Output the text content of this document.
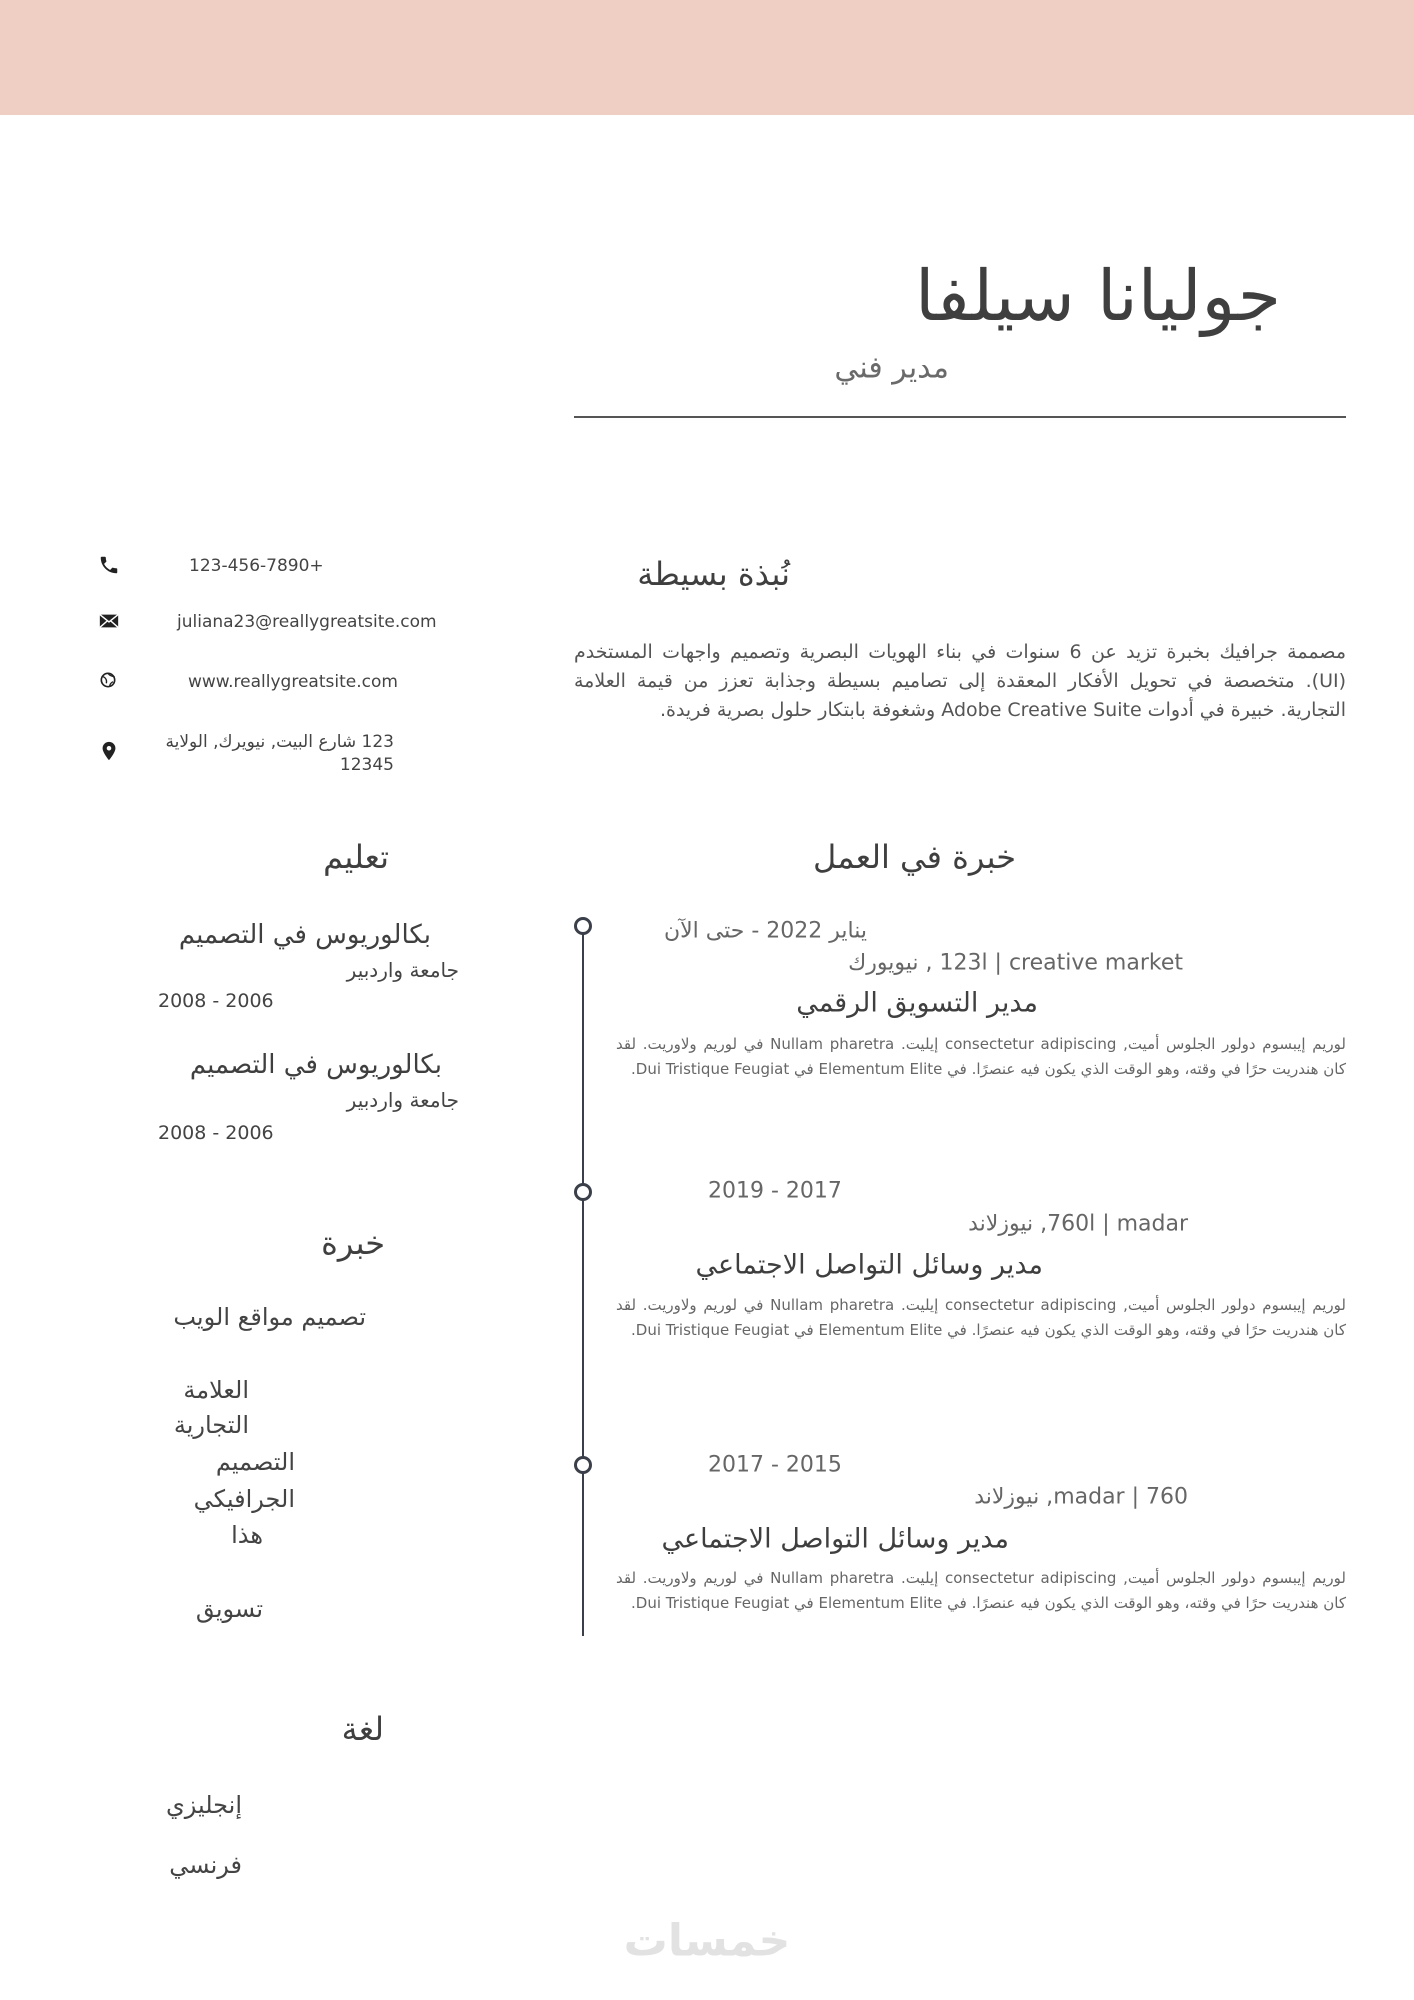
جوليانا سيلفا
مدير فني
123-456-7890+
juliana23@reallygreatsite.com
www.reallygreatsite.com
123 شارع البيت, نيويرك, الولاية
12345
نُبذة بسيطة
مصممة جرافيك بخبرة تزيد عن 6 سنوات في بناء الهويات البصرية وتصميم واجهات المستخدم (UI). متخصصة في تحويل الأفكار المعقدة إلى تصاميم بسيطة وجذابة تعزز من قيمة العلامة التجارية. خبيرة في أدوات Adobe Creative Suite وشغوفة بابتكار حلول بصرية فريدة.
تعليم
بكالوريوس في التصميم
جامعة واردبير
2008 - 2006
بكالوريوس في التصميم
جامعة واردبير
2008 - 2006
خبرة
تصميم مواقع الويب
العلامة
التجارية
التصميم
الجرافيكي
هذا
تسويق
لغة
إنجليزي
فرنسي
خبرة في العمل
يناير 2022 - حتى الآن
123l | creative market , نيويورك
مدير التسويق الرقمي
لوريم إيبسوم دولور الجلوس أميت, consectetur adipiscing إيليت. Nullam pharetra في لوريم ولاوريت. لقد كان هندريت حرًا في وقته، وهو الوقت الذي يكون فيه عنصرًا. في Elementum Elite في Dui Tristique Feugiat.
2019 - 2017
760l | madar, نيوزلاند
مدير وسائل التواصل الاجتماعي
لوريم إيبسوم دولور الجلوس أميت, consectetur adipiscing إيليت. Nullam pharetra في لوريم ولاوريت. لقد كان هندريت حرًا في وقته، وهو الوقت الذي يكون فيه عنصرًا. في Elementum Elite في Dui Tristique Feugiat.
2017 - 2015
760 | madar, نيوزلاند
مدير وسائل التواصل الاجتماعي
لوريم إيبسوم دولور الجلوس أميت, consectetur adipiscing إيليت. Nullam pharetra في لوريم ولاوريت. لقد كان هندريت حرًا في وقته، وهو الوقت الذي يكون فيه عنصرًا. في Elementum Elite في Dui Tristique Feugiat.
خمسات
